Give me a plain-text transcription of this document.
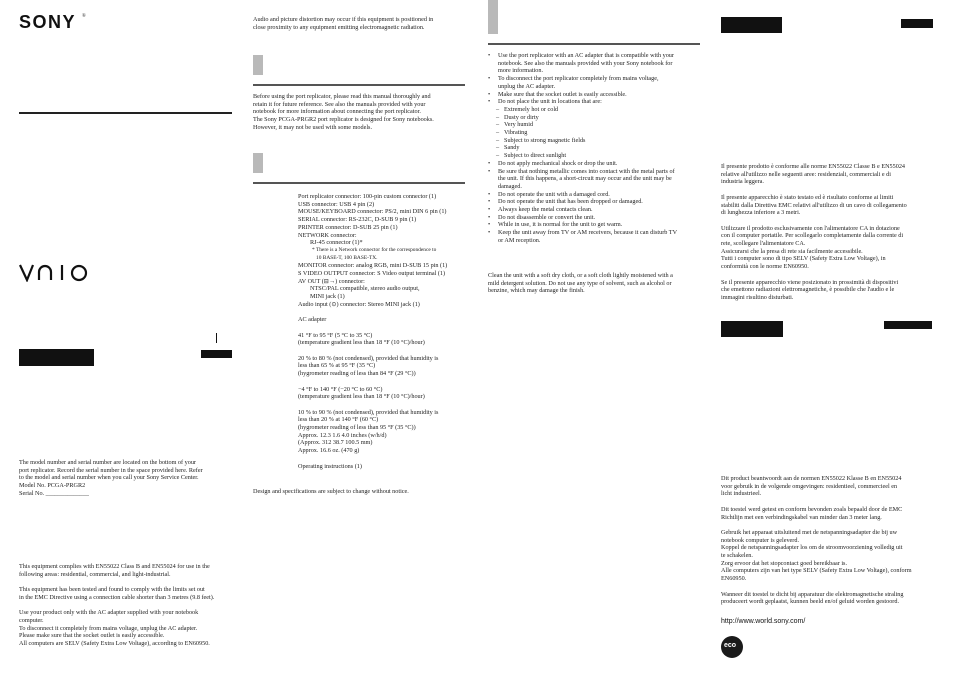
SONY ®
The model number and serial number are located on the bottom of your
port replicator. Record the serial number in the space provided here. Refer
to the model and serial number when you call your Sony Service Center.
Model No. PCGA-PRGR2
Serial No. ______________
This equipment complies with EN55022 Class B and EN55024 for use in the
following areas: residential, commercial, and light-industrial.
This equipment has been tested and found to comply with the limits set out
in the EMC Directive using a connection cable shorter than 3 metres (9.8 feet).
Use your product only with the AC adapter supplied with your notebook
computer.
To disconnect it completely from mains voltage, unplug the AC adapter.
Please make sure that the socket outlet is easily accessible.
All computers are SELV (Safety Extra Low Voltage), according to EN60950.
Audio and picture distortion may occur if this equipment is positioned in
close proximity to any equipment emitting electromagnetic radiation.
Before using the port replicator, please read this manual thoroughly and
retain it for future reference. See also the manuals provided with your
notebook for more information about connecting the port replicator.
The Sony PCGA-PRGR2 port replicator is designed for Sony notebooks.
However, it may not be used with some models.
Port replicator connector: 100-pin custom connector (1)
USB connector: USB 4 pin (2)
MOUSE/KEYBOARD connector: PS/2, mini DIN 6 pin (1)
SERIAL connector: RS-232C, D-SUB 9 pin (1)
PRINTER connector: D-SUB 25 pin (1)
NETWORK connector:
RJ-45 connector (1)*
* There is a Network connector for the correspondence to
10 BASE-T, 100 BASE-TX.
MONITOR connector: analog RGB, mini D-SUB 15 pin (1)
S VIDEO OUTPUT connector: S Video output terminal (1)
AV OUT (⊟→) connector:
NTSC/PAL compatible, stereo audio output,
MINI jack (1)
Audio input (⊙) connector: Stereo MINI jack (1)
AC adapter
41 °F to 95 °F (5 °C to 35 °C)
(temperature gradient less than 18 °F (10 °C)/hour)
20 % to 80 % (not condensed), provided that humidity is
less than 65 % at 95 °F (35 °C)
(hygrometer reading of less than 84 °F (29 °C))
−4 °F to 140 °F (−20 °C to 60 °C)
(temperature gradient less than 18 °F (10 °C)/hour)
10 % to 90 % (not condensed), provided that humidity is
less than 20 % at 140 °F (60 °C)
(hygrometer reading of less than 95 °F (35 °C))
Approx. 12.3 1.6 4.0 inches (w/h/d)
(Approx. 312 38.7 100.5 mm)
Approx. 16.6 oz. (470 g)
Operating instructions (1)
Design and specifications are subject to change without notice.
• Use the port replicator with an AC adapter that is compatible with your
notebook. See also the manuals provided with your Sony notebook for
more information.
• To disconnect the port replicator completely from mains voltage,
unplug the AC adapter.
• Make sure that the socket outlet is easily accessible.
• Do not place the unit in locations that are:
– Extremely hot or cold
– Dusty or dirty
– Very humid
– Vibrating
– Subject to strong magnetic fields
– Sandy
– Subject to direct sunlight
• Do not apply mechanical shock or drop the unit.
• Be sure that nothing metallic comes into contact with the metal parts of
the unit. If this happens, a short-circuit may occur and the unit may be
damaged.
• Do not operate the unit with a damaged cord.
• Do not operate the unit that has been dropped or damaged.
• Always keep the metal contacts clean.
• Do not disassemble or convert the unit.
• While in use, it is normal for the unit to get warm.
• Keep the unit away from TV or AM receivers, because it can disturb TV
or AM reception.
Clean the unit with a soft dry cloth, or a soft cloth lightly moistened with a
mild detergent solution. Do not use any type of solvent, such as alcohol or
benzine, which may damage the finish.
Il presente prodotto è conforme alle norme EN55022 Classe B e EN55024
relative all'utilizzo nelle seguenti aree: residenziali, commerciali e di
industria leggera.
Il presente apparecchio è stato testato ed è risultato conforme ai limiti
stabiliti dalla Direttiva EMC relativi all'utilizzo di un cavo di collegamento
di lunghezza inferiore a 3 metri.
Utilizzare il prodotto esclusivamente con l'alimentatore CA in dotazione
con il computer portatile. Per scollegarlo completamente dalla corrente di
rete, scollegare l'alimentatore CA.
Assicurarsi che la presa di rete sia facilmente accessibile.
Tutti i computer sono di tipo SELV (Safety Extra Low Voltage), in
conformità con le norme EN60950.
Se il presente apparecchio viene posizionato in prossimità di dispositivi
che emettono radiazioni elettromagnetiche, è possibile che l'audio e le
immagini risultino disturbati.
Dit product beantwoordt aan de normen EN55022 Klasse B en EN55024
voor gebruik in de volgende omgevingen: residentieel, commercieel en
licht industrieel.
Dit toestel werd getest en conform bevonden zoals bepaald door de EMC
Richtlijn met een verbindingskabel van minder dan 3 meter lang.
Gebruik het apparaat uitsluitend met de netspanningsadapter die bij uw
notebook computer is geleverd.
Koppel de netspanningsadapter los om de stroomvoorziening volledig uit
te schakelen.
Zorg ervoor dat het stopcontact goed bereikbaar is.
Alle computers zijn van het type SELV (Safety Extra Low Voltage), conform
EN60950.
Wanneer dit toestel te dicht bij apparatuur die elektromagnetische straling
produceert wordt geplaatst, kunnen beeld en/of geluid worden gestoord.
http://www.world.sony.com/
eco
